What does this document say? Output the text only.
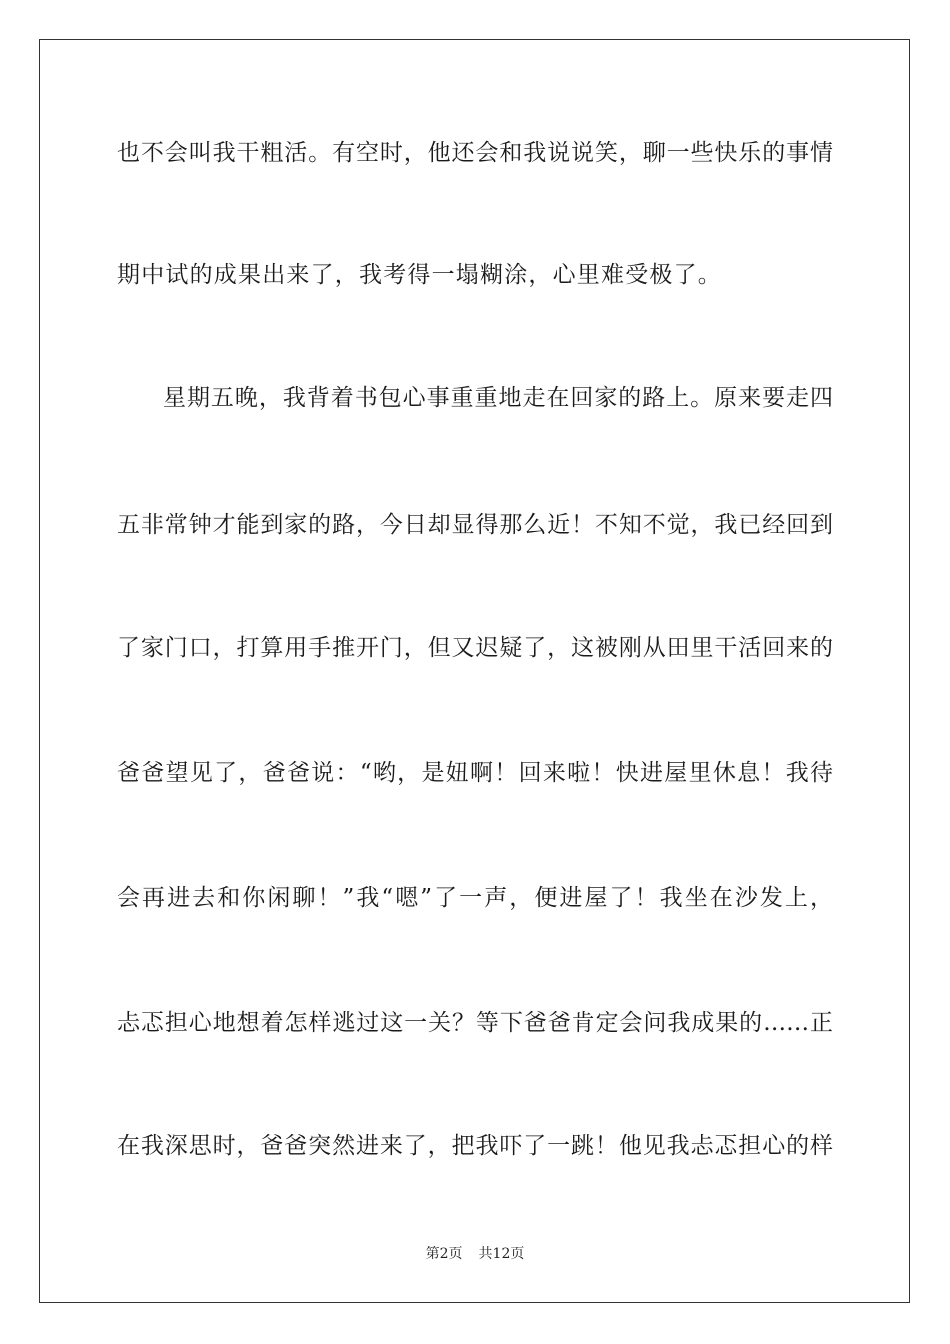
也不会叫我干粗活。有空时，他还会和我说说笑，聊一些快乐的事情
期中试的成果出来了，我考得一塌糊涂，心里难受极了。
星期五晚，我背着书包心事重重地走在回家的路上。原来要走四
五非常钟才能到家的路，今日却显得那么近！不知不觉，我已经回到
了家门口，打算用手推开门，但又迟疑了，这被刚从田里干活回来的
爸爸望见了，爸爸说：“哟，是妞啊！回来啦！快进屋里休息！我待
会再进去和你闲聊！”我“嗯”了一声，便进屋了！我坐在沙发上，
忐忑担心地想着怎样逃过这一关？等下爸爸肯定会问我成果的……正
在我深思时，爸爸突然进来了，把我吓了一跳！他见我忐忑担心的样
第2页 共12页
